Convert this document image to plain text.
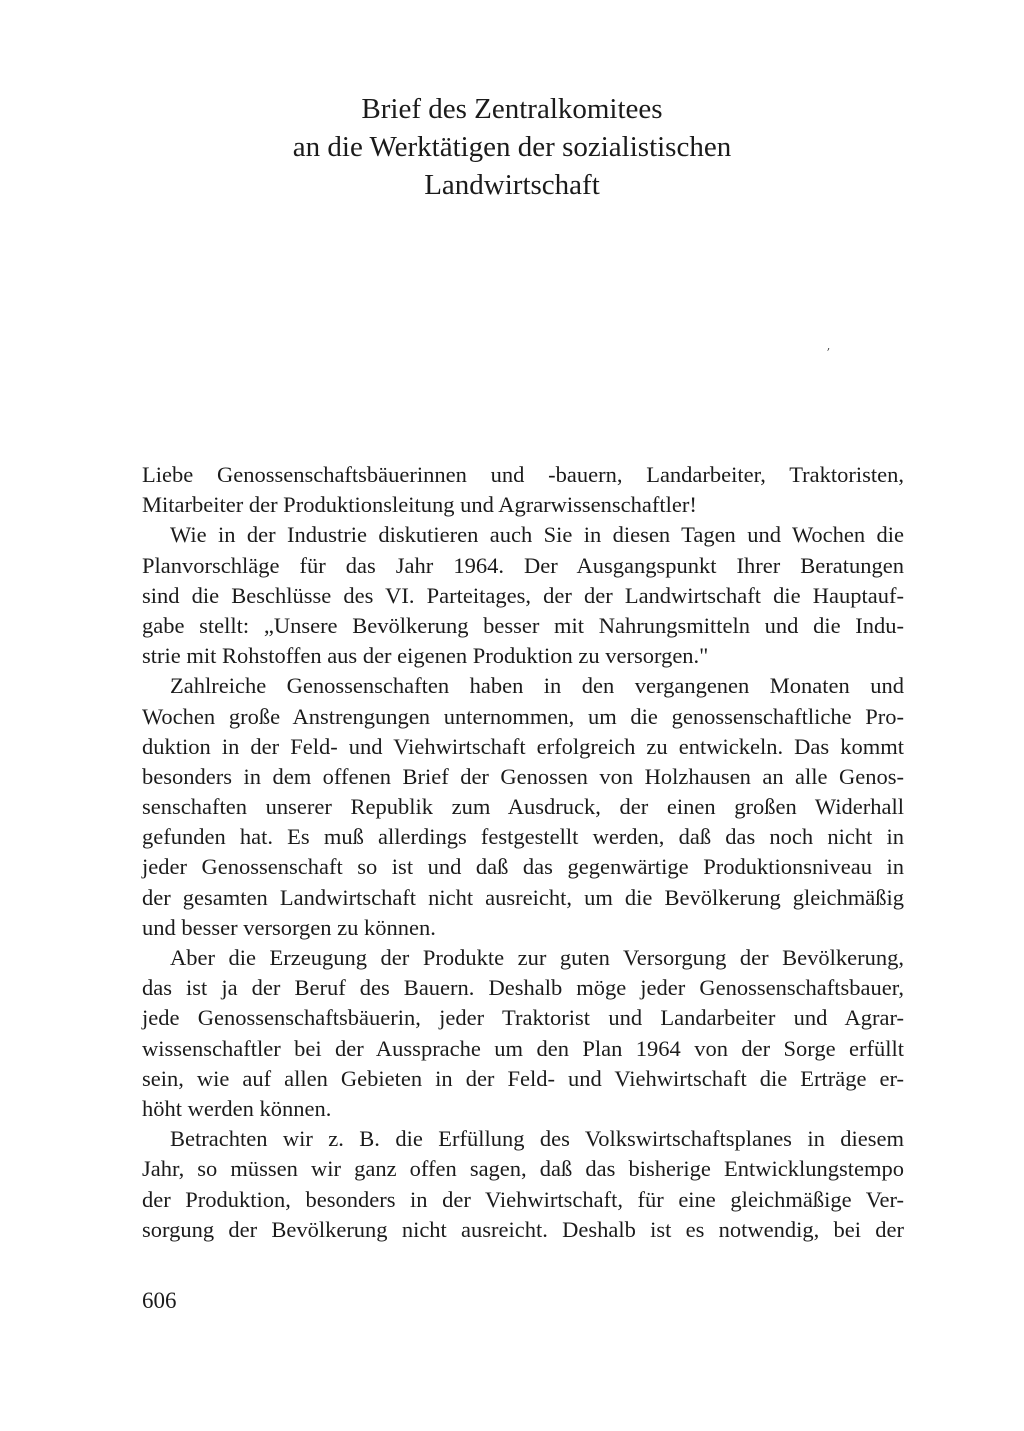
Brief des Zentralkomitees
an die Werktätigen der sozialistischen
Landwirtschaft
ʼ
Liebe Genossenschaftsbäuerinnen und -bauern, Landarbeiter, Traktoristen,
Mitarbeiter der Produktionsleitung und Agrarwissenschaftler!
Wie in der Industrie diskutieren auch Sie in diesen Tagen und Wochen die
Planvorschläge für das Jahr 1964. Der Ausgangspunkt Ihrer Beratungen
sind die Beschlüsse des VI. Parteitages, der der Landwirtschaft die Hauptauf-
gabe stellt: „Unsere Bevölkerung besser mit Nahrungsmitteln und die Indu-
strie mit Rohstoffen aus der eigenen Produktion zu versorgen."
Zahlreiche Genossenschaften haben in den vergangenen Monaten und
Wochen große Anstrengungen unternommen, um die genossenschaftliche Pro-
duktion in der Feld- und Viehwirtschaft erfolgreich zu entwickeln. Das kommt
besonders in dem offenen Brief der Genossen von Holzhausen an alle Genos-
senschaften unserer Republik zum Ausdruck, der einen großen Widerhall
gefunden hat. Es muß allerdings festgestellt werden, daß das noch nicht in
jeder Genossenschaft so ist und daß das gegenwärtige Produktionsniveau in
der gesamten Landwirtschaft nicht ausreicht, um die Bevölkerung gleichmäßig
und besser versorgen zu können.
Aber die Erzeugung der Produkte zur guten Versorgung der Bevölkerung,
das ist ja der Beruf des Bauern. Deshalb möge jeder Genossenschaftsbauer,
jede Genossenschaftsbäuerin, jeder Traktorist und Landarbeiter und Agrar-
wissenschaftler bei der Aussprache um den Plan 1964 von der Sorge erfüllt
sein, wie auf allen Gebieten in der Feld- und Viehwirtschaft die Erträge er-
höht werden können.
Betrachten wir z. B. die Erfüllung des Volkswirtschaftsplanes in diesem
Jahr, so müssen wir ganz offen sagen, daß das bisherige Entwicklungstempo
der Produktion, besonders in der Viehwirtschaft, für eine gleichmäßige Ver-
sorgung der Bevölkerung nicht ausreicht. Deshalb ist es notwendig, bei der
606
